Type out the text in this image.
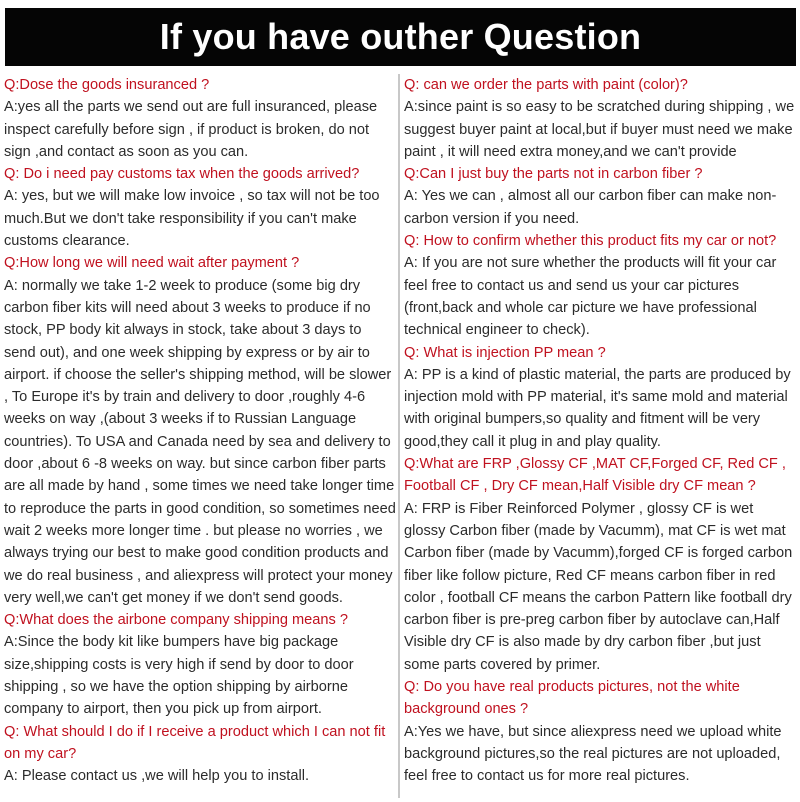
If you have outher Question
Q:Dose the goods insuranced ?
A:yes all the parts we send out are full insuranced, please inspect carefully before sign , if product is broken, do not sign ,and contact as soon as you can.
Q: Do i need pay customs tax when the goods arrived?
A: yes, but we will make low invoice , so tax will not be too much.But we don't take responsibility if you can't make customs clearance.
Q:How long we will need wait after payment ?
A: normally we take 1-2 week to produce (some big dry carbon fiber kits will need about 3 weeks to produce if no stock, PP body kit always in stock, take about 3 days to send out), and one week shipping by express or by air to airport. if choose the seller's shipping method, will be slower , To Europe it's by train and delivery to door ,roughly 4-6 weeks on way ,(about 3 weeks if to Russian Language countries). To USA and Canada need by sea and delivery to door ,about 6 -8 weeks on way. but since carbon fiber parts are all made by hand , some times we need take longer time to reproduce the parts in good condition, so sometimes need wait 2 weeks more longer time . but please no worries , we always trying our best to make good condition products and we do real business , and aliexpress will protect your money very well,we can't get money if we don't send goods.
Q:What does the airbone company shipping means ?
A:Since the body kit like bumpers have big package size,shipping costs is very high if send by door to door shipping , so we have the option shipping by airborne company to airport, then you pick up from airport.
Q: What should I do if I receive a product which I can not fit on my car?
A: Please contact us ,we will help you to install.
Q: can we order the parts with paint (color)?
A:since paint is so easy to be scratched during shipping , we suggest buyer paint at local,but if buyer must need we make paint , it will need extra money,and we can't provide
Q:Can I just buy the parts not in carbon fiber ?
A: Yes we can , almost all our carbon fiber can make non-carbon version if you need.
Q: How to confirm whether this product fits my car or not?
A: If you are not sure whether the products will fit your car feel free to contact us and send us your car pictures (front,back and whole car picture we have professional technical engineer to check).
Q: What is injection PP mean ?
A: PP is a kind of plastic material, the parts are produced by injection mold with PP material, it's same mold and material with original bumpers,so quality and fitment will be very good,they call it plug in and play quality.
Q:What are FRP ,Glossy CF ,MAT CF,Forged CF, Red CF , Football CF , Dry CF mean,Half Visible dry CF mean ?
A: FRP is Fiber Reinforced Polymer , glossy CF is wet glossy Carbon fiber (made by Vacumm), mat CF is wet mat Carbon fiber (made by Vacumm),forged CF is forged carbon fiber like follow picture, Red CF means carbon fiber in red color , football CF means the carbon Pattern like football dry carbon fiber is pre-preg carbon fiber by autoclave can,Half Visible dry CF is also made by dry carbon fiber ,but just some parts covered by primer.
Q: Do you have real products pictures, not the white background ones ?
A:Yes we have, but since aliexpress need we upload white background pictures,so the real pictures are not uploaded, feel free to contact us for more real pictures.
